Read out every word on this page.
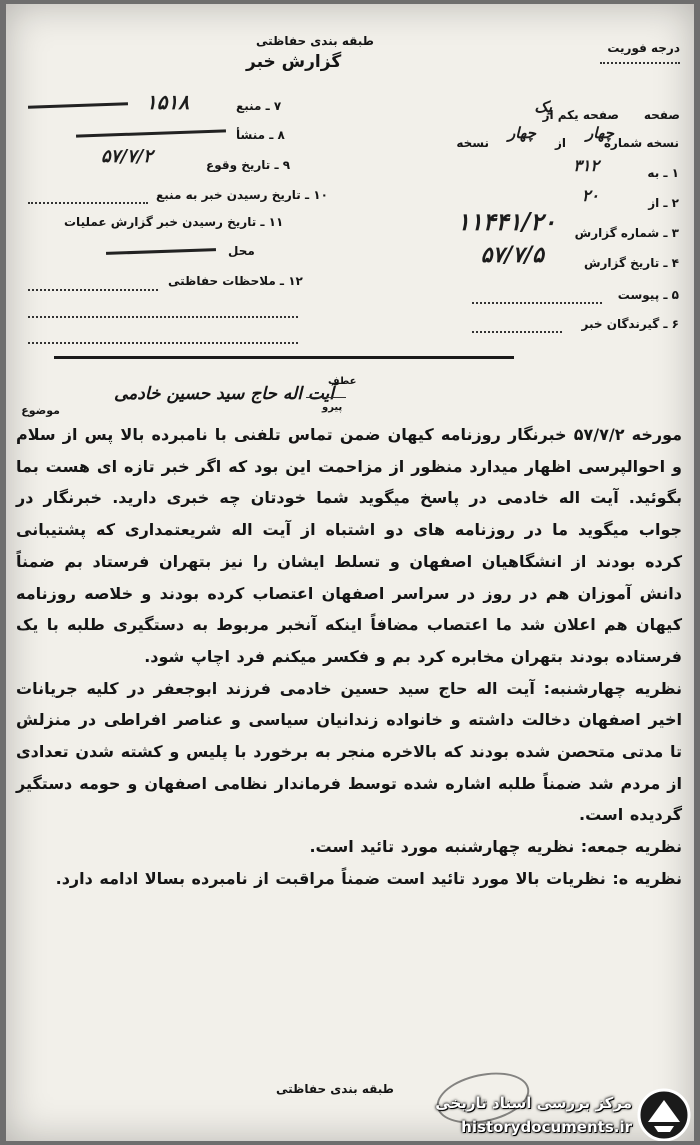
طبقه بندی حفاظتی
گزارش خبر
درجه فوریت
۷ ـ منبع
۱۵۱۸
۸ ـ منشأ
۹ ـ تاریخ وقوع
۵۷/۷/۲
۱۰ ـ تاریخ رسیدن خبر به منبع
۱۱ ـ تاریخ رسیدن خبر گزارش عملیات
محل
۱۲ ـ ملاحظات حفاظتی
صفحه یکم از
یک	صفحه
نسخه شماره
چهار
از
چهار
نسخه
۱ ـ به
۳۱۲
۲ ـ از
۲۰
۳ ـ شماره گزارش
۱۱۴۴۱/۲۰
۴ ـ تاریخ گزارش
۵۷/۷/۵
۵ ـ پیوست
۶ ـ گیرندگان خبر
موضوع
آیت اله حاج سید حسین خادمی
عطف
پیرو

مورخه ۵۷/۷/۲ خبرنگار روزنامه کیهان ضمن تماس تلفنی با نامبرده بالا پس از سلام و احوالپرسی اظهار میدارد منظور از مزاحمت این بود که اگر خبر تازه ای هست بما بگوئید. آیت اله خادمی در پاسخ میگوید شما خودتان چه خبری دارید. خبرنگار در جواب میگوید ما در روزنامه های دو اشتباه از آیت اله شریعتمداری که پشتیبانی کرده بودند از انشگاهیان اصفهان و تسلط ایشان را نیز بتهران فرستاد بم ضمناً دانش آموزان هم در روز در سراسر اصفهان اعتصاب کرده بودند و خلاصه روزنامه کیهان هم اعلان شد ما اعتصاب مضافاً اینکه آنخبر مربوط به دستگیری طلبه با یک فرستاده بودند بتهران مخابره کرد بم و فکسر میکنم فرد اچاپ شود.

نظریه چهارشنبه: آیت اله حاج سید حسین خادمی فرزند ابوجعفر در کلیه جریانات اخیر اصفهان دخالت داشته و خانواده زندانیان سیاسی و عناصر افراطی در منزلش تا مدتی متحصن شده بودند که بالاخره منجر به برخورد با پلیس و کشته شدن تعدادی از مردم شد ضمناً طلبه اشاره شده توسط فرماندار نظامی اصفهان و حومه دستگیر گردیده است.

نظریه جمعه: نظریه چهارشنبه مورد تائید است.

نظریه ه: نظریات بالا مورد تائید است ضمناً مراقبت از نامبرده بسالا ادامه دارد.

طبقه بندی حفاظتی
مرکز بررسی اسناد تاریخی
historydocuments.ir
